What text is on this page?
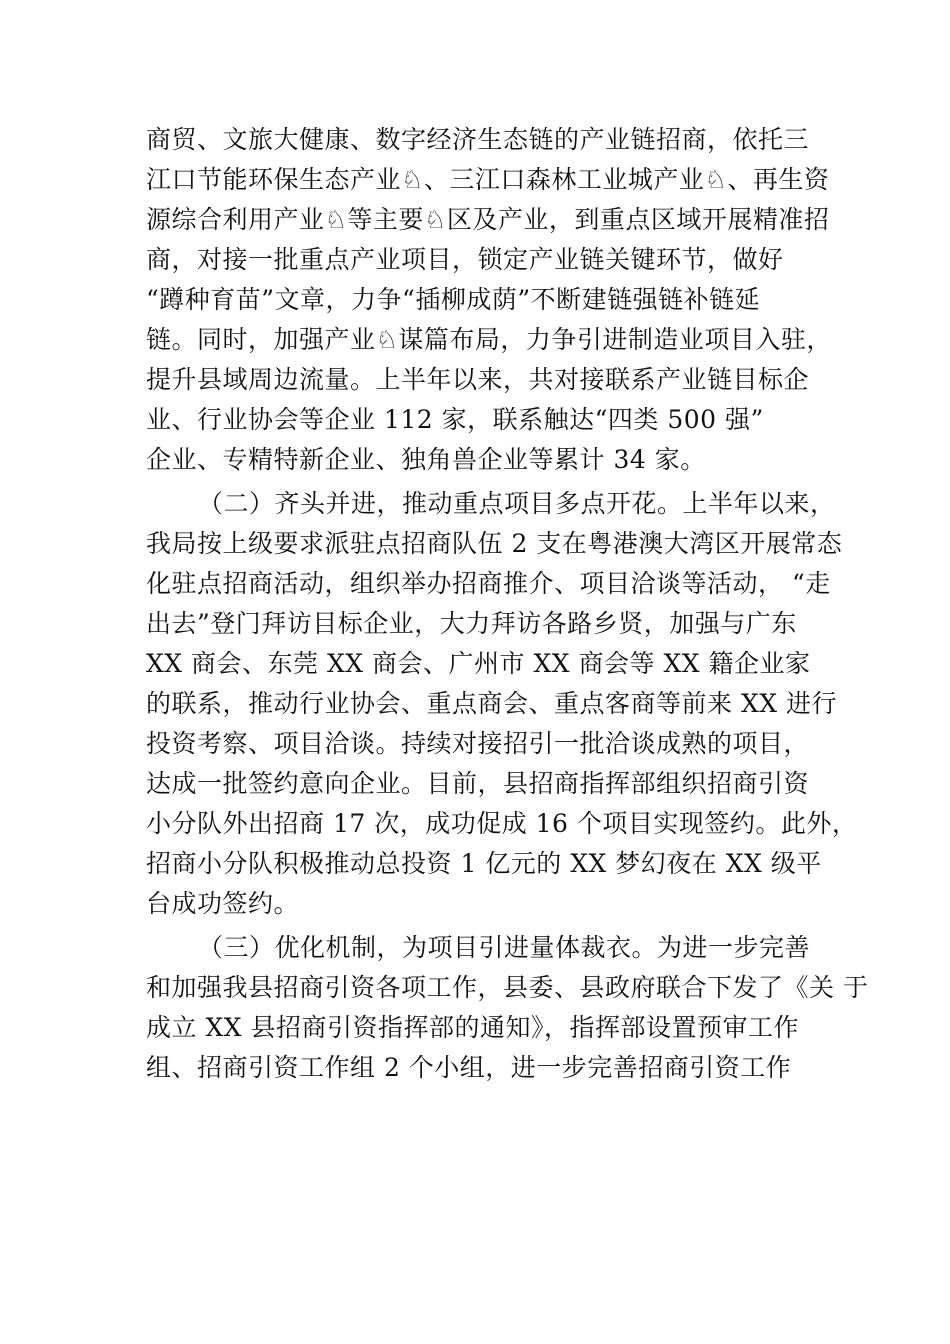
商贸、文旅大健康、数字经济生态链的产业链招商，依托三
江口节能环保生态产业♘、三江口森林工业城产业♘、再生资
源综合利用产业♘等主要♘区及产业，到重点区域开展精准招
商，对接一批重点产业项目，锁定产业链关键环节，做好
“蹲种育苗”文章，力争“插柳成荫”不断建链强链补链延
链。同时，加强产业♘谋篇布局，力争引进制造业项目入驻，
提升县域周边流量。上半年以来，共对接联系产业链目标企
业、行业协会等企业 112 家，联系触达“四类 500 强”
企业、专精特新企业、独角兽企业等累计 34 家。
（二）齐头并进，推动重点项目多点开花。上半年以来，
我局按上级要求派驻点招商队伍 2 支在粤港澳大湾区开展常态
化驻点招商活动，组织举办招商推介、项目洽谈等活动， “走
出去”登门拜访目标企业，大力拜访各路乡贤，加强与广东
XX 商会、东莞 XX 商会、广州市 XX 商会等 XX 籍企业家
的联系，推动行业协会、重点商会、重点客商等前来 XX 进行
投资考察、项目洽谈。持续对接招引一批洽谈成熟的项目，
达成一批签约意向企业。目前，县招商指挥部组织招商引资
小分队外出招商 17 次，成功促成 16 个项目实现签约。此外，
招商小分队积极推动总投资 1 亿元的 XX 梦幻夜在 XX 级平
台成功签约。
（三）优化机制，为项目引进量体裁衣。为进一步完善
和加强我县招商引资各项工作，县委、县政府联合下发了《关 于
成立 XX 县招商引资指挥部的通知》，指挥部设置预审工作
组、招商引资工作组 2 个小组，进一步完善招商引资工作
